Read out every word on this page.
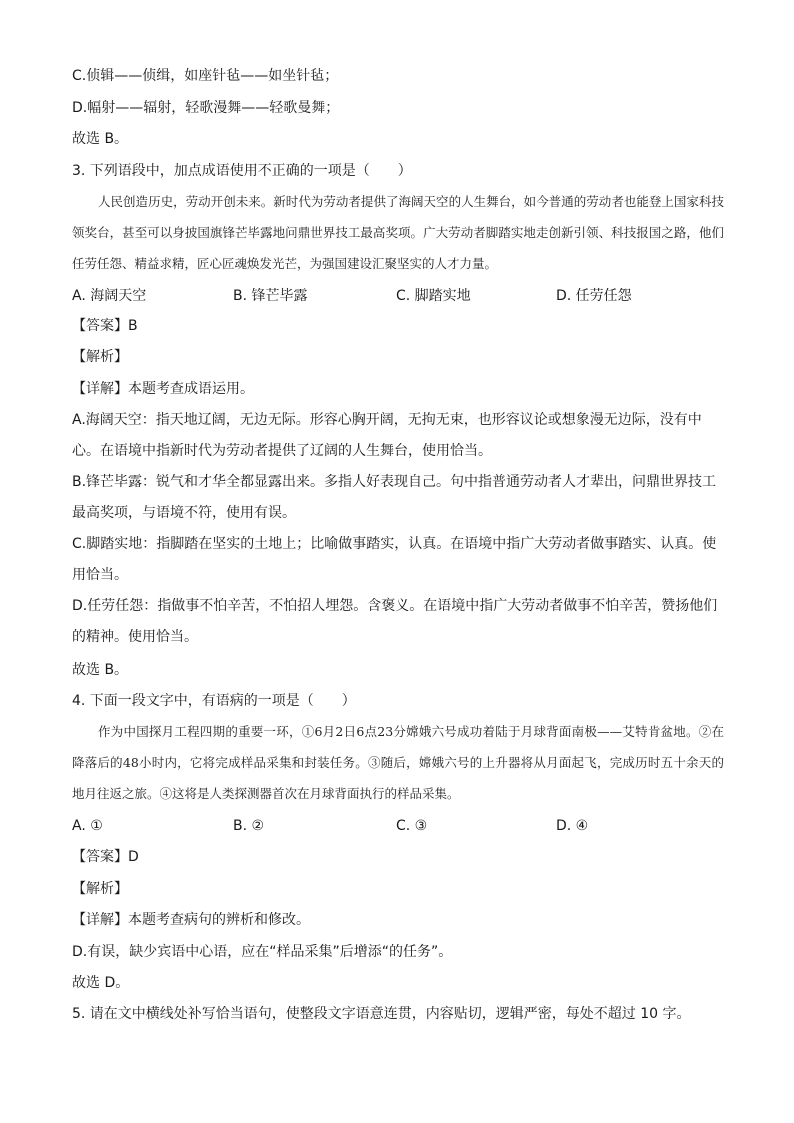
C.侦辑——侦缉，如座针毡——如坐针毡；
D.幅射——辐射，轻歌漫舞——轻歌曼舞；
故选 B。
3. 下列语段中，加点成语使用不正确的一项是（　　）
人民创造历史，劳动开创未来。新时代为劳动者提供了海阔天空的人生舞台，如今普通的劳动者也能登上国家科技领奖台，甚至可以身披国旗锋芒毕露地问鼎世界技工最高奖项。广大劳动者脚踏实地走创新引领、科技报国之路，他们任劳任怨、精益求精，匠心匠魂焕发光芒，为强国建设汇聚坚实的人才力量。
A. 海阔天空	B. 锋芒毕露	C. 脚踏实地	D. 任劳任怨
【答案】B
【解析】
【详解】本题考查成语运用。
A.海阔天空：指天地辽阔，无边无际。形容心胸开阔，无拘无束，也形容议论或想象漫无边际，没有中心。在语境中指新时代为劳动者提供了辽阔的人生舞台，使用恰当。
B.锋芒毕露：锐气和才华全都显露出来。多指人好表现自己。句中指普通劳动者人才辈出，问鼎世界技工最高奖项，与语境不符，使用有误。
C.脚踏实地：指脚踏在坚实的土地上；比喻做事踏实，认真。在语境中指广大劳动者做事踏实、认真。使用恰当。
D.任劳任怨：指做事不怕辛苦，不怕招人埋怨。含褒义。在语境中指广大劳动者做事不怕辛苦，赞扬他们的精神。使用恰当。
故选 B。
4. 下面一段文字中，有语病的一项是（　　）
作为中国探月工程四期的重要一环，①6月2日6点23分嫦娥六号成功着陆于月球背面南极——艾特肯盆地。②在降落后的48小时内，它将完成样品采集和封装任务。③随后，嫦娥六号的上升器将从月面起飞，完成历时五十余天的地月往返之旅。④这将是人类探测器首次在月球背面执行的样品采集。
A. ①	B. ②	C. ③	D. ④
【答案】D
【解析】
【详解】本题考查病句的辨析和修改。
D.有误，缺少宾语中心语，应在“样品采集”后增添“的任务”。
故选 D。
5. 请在文中横线处补写恰当语句，使整段文字语意连贯，内容贴切，逻辑严密，每处不超过 10 字。
